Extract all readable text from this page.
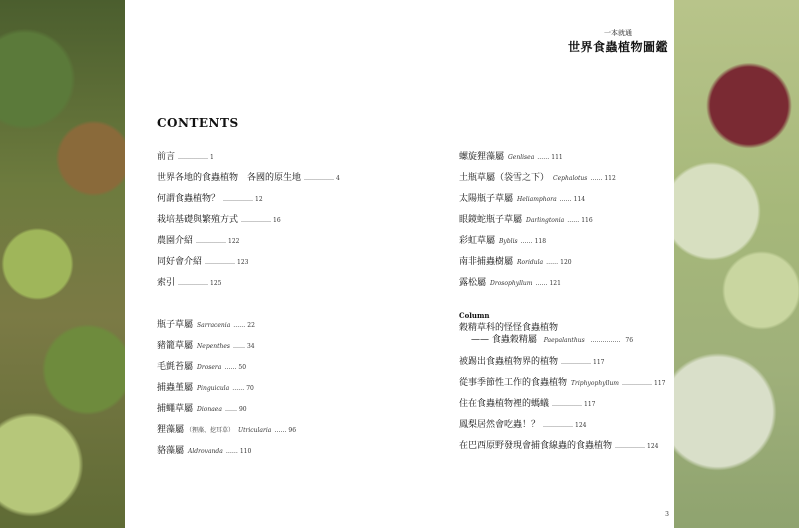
一本就通
世界食蟲植物圖鑑
CONTENTS
前言 …………… 1
世界各地的食蟲植物　各國的原生地 …………… 4
何謂食蟲植物？ …………… 12
栽培基礎與繁殖方式 …………… 16
農園介紹 …………… 122
同好會介紹 …………… 123
索引 …………… 125
瓶子草屬 Sarracenia …… 22
豬籠草屬 Nepenthes …… 34
毛氈苔屬 Drosera …… 50
捕蟲堇屬 Pinguicula …… 70
捕蠅草屬 Dionaea …… 90
狸藻屬 （狸藻、挖耳草） Utricularia …… 96
貉藻屬 Aldrovanda …… 110
螺旋狸藻屬 Genlisea …… 111
土瓶草屬（袋雪之下） Cephalotus …… 112
太陽瓶子草屬 Heliamphora …… 114
眼鏡蛇瓶子草屬 Darlingtonia …… 116
彩虹草屬 Byblis …… 118
南非捕蟲樹屬 Roridula …… 120
露松屬 Drosophyllum …… 121
Column
穀精草科的怪怪食蟲植物
—— 食蟲穀精屬 Paepalanthus …………… 76
被踢出食蟲植物界的植物 …………… 117
從事季節性工作的食蟲植物 Triphyophyllum …………… 117
住在食蟲植物裡的螞蟻 …………… 117
鳳梨居然會吃蟲！？ …………… 124
在巴西原野發現會捕食線蟲的食蟲植物 …………… 124
3
